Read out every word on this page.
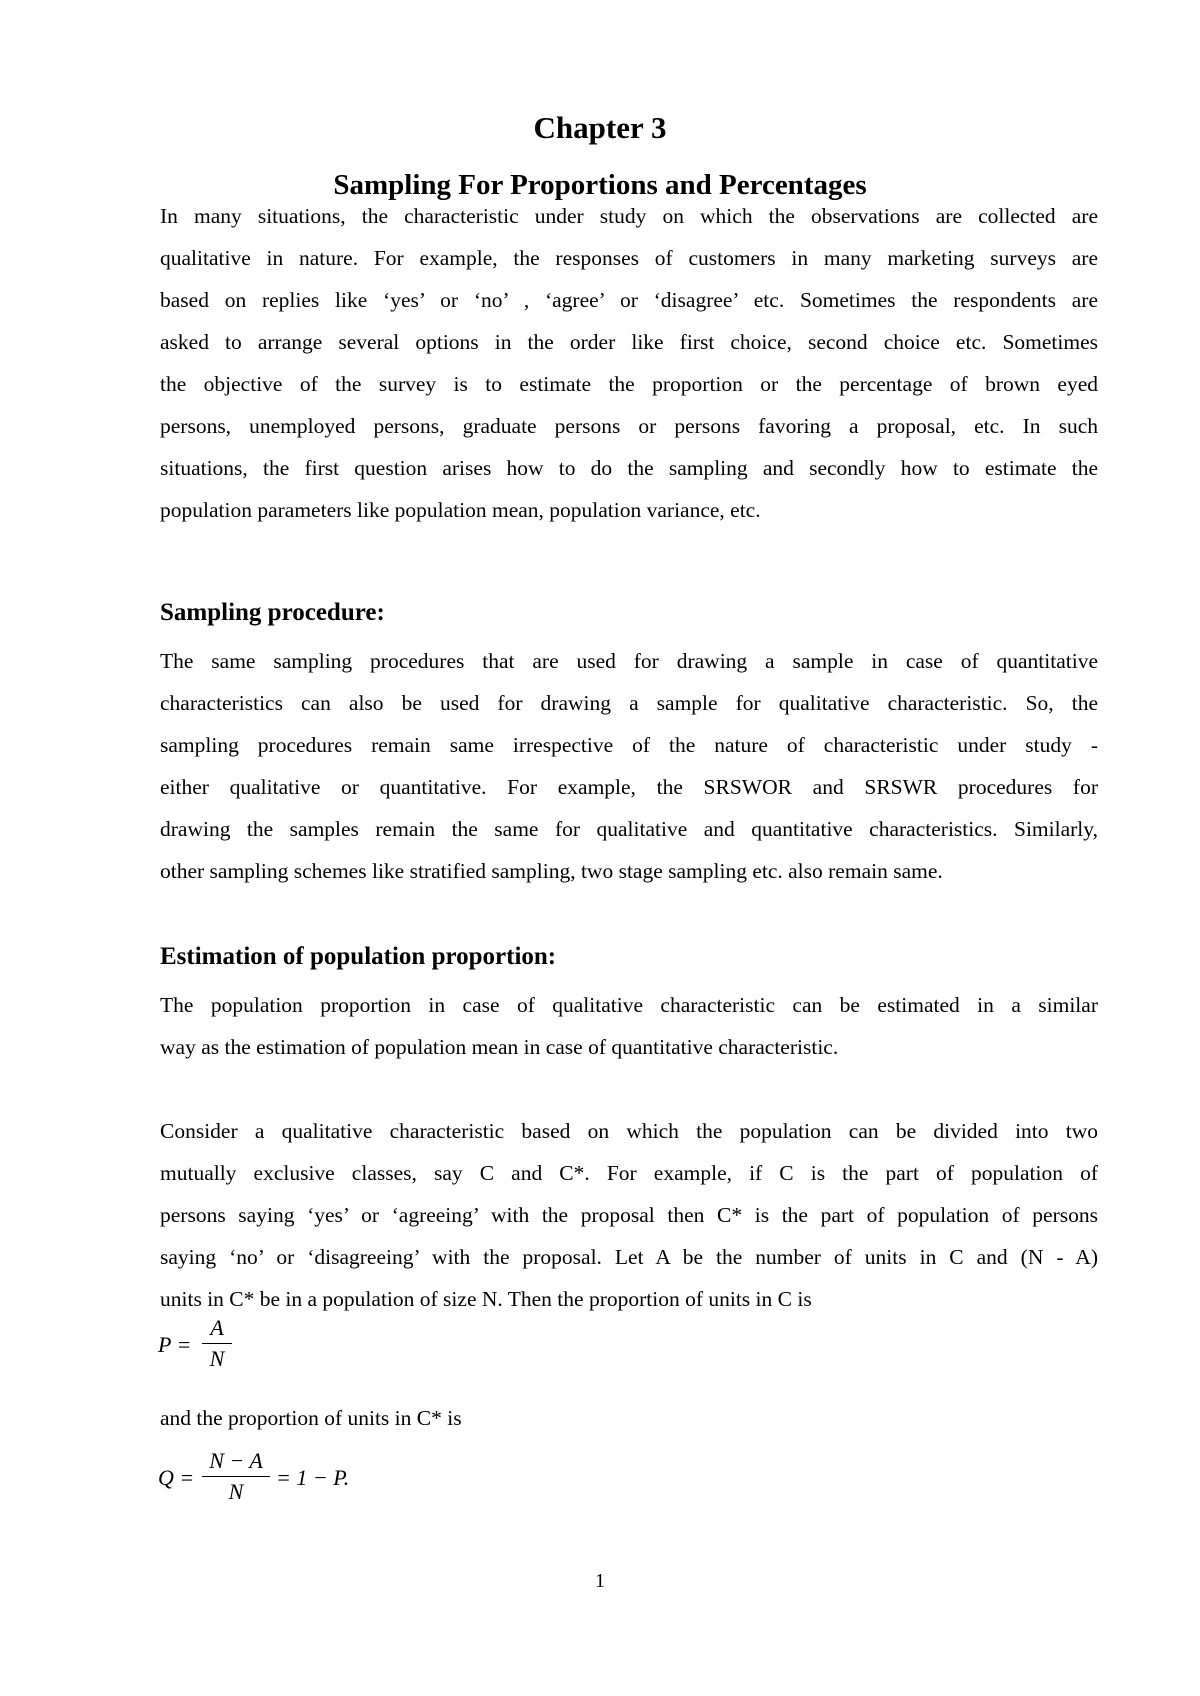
Chapter 3
Sampling For Proportions and Percentages
In many situations, the characteristic under study on which the observations are collected are
qualitative in nature. For example, the responses of customers in many marketing surveys are
based on replies like ‘yes’ or ‘no’ , ‘agree’ or ‘disagree’ etc. Sometimes the respondents are
asked to arrange several options in the order like first choice, second choice etc. Sometimes
the objective of the survey is to estimate the proportion or the percentage of brown eyed
persons, unemployed persons, graduate persons or persons favoring a proposal, etc. In such
situations, the first question arises how to do the sampling and secondly how to estimate the
population parameters like population mean, population variance, etc.
Sampling procedure:
The same sampling procedures that are used for drawing a sample in case of quantitative
characteristics can also be used for drawing a sample for qualitative characteristic. So, the
sampling procedures remain same irrespective of the nature of characteristic under study -
either qualitative or quantitative. For example, the SRSWOR and SRSWR procedures for
drawing the samples remain the same for qualitative and quantitative characteristics. Similarly,
other sampling schemes like stratified sampling, two stage sampling etc. also remain same.
Estimation of population proportion:
The population proportion in case of qualitative characteristic can be estimated in a similar
way as the estimation of population mean in case of quantitative characteristic.
Consider a qualitative characteristic based on which the population can be divided into two
mutually exclusive classes, say C and C*. For example, if C is the part of population of
persons saying ‘yes’ or ‘agreeing’ with the proposal then C* is the part of population of persons
saying ‘no’ or ‘disagreeing’ with the proposal. Let A be the number of units in C and (N - A)
units in C* be in a population of size N. Then the proportion of units in C is
P =
A
N
and the proportion of units in C* is
Q =
N − A
N
= 1 − P.
1
